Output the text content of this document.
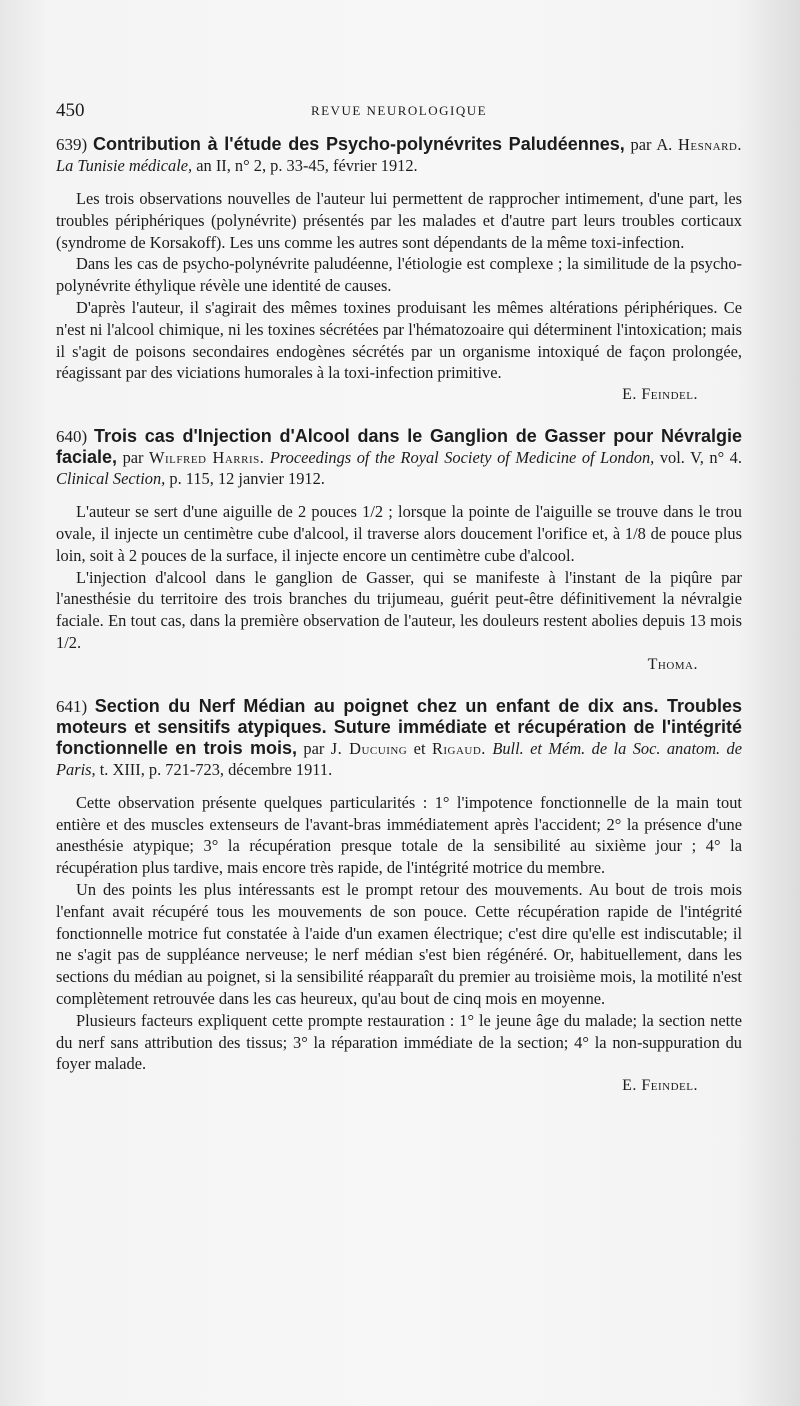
450	REVUE NEUROLOGIQUE

639) Contribution à l'étude des Psycho-polynévrites Paludéennes, par A. Hesnard. La Tunisie médicale, an II, n° 2, p. 33-45, février 1912.

Les trois observations nouvelles de l'auteur lui permettent de rapprocher intimement, d'une part, les troubles périphériques (polynévrite) présentés par les malades et d'autre part leurs troubles corticaux (syndrome de Korsakoff). Les uns comme les autres sont dépendants de la même toxi-infection.

Dans les cas de psycho-polynévrite paludéenne, l'étiologie est complexe ; la similitude de la psycho-polynévrite éthylique révèle une identité de causes.

D'après l'auteur, il s'agirait des mêmes toxines produisant les mêmes altérations périphériques. Ce n'est ni l'alcool chimique, ni les toxines sécrétées par l'hématozoaire qui déterminent l'intoxication; mais il s'agit de poisons secondaires endogènes sécrétés par un organisme intoxiqué de façon prolongée, réagissant par des viciations humorales à la toxi-infection primitive.

E. Feindel.

640) Trois cas d'Injection d'Alcool dans le Ganglion de Gasser pour Névralgie faciale, par Wilfred Harris. Proceedings of the Royal Society of Medicine of London, vol. V, n° 4. Clinical Section, p. 115, 12 janvier 1912.

L'auteur se sert d'une aiguille de 2 pouces 1/2 ; lorsque la pointe de l'aiguille se trouve dans le trou ovale, il injecte un centimètre cube d'alcool, il traverse alors doucement l'orifice et, à 1/8 de pouce plus loin, soit à 2 pouces de la surface, il injecte encore un centimètre cube d'alcool.

L'injection d'alcool dans le ganglion de Gasser, qui se manifeste à l'instant de la piqûre par l'anesthésie du territoire des trois branches du trijumeau, guérit peut-être définitivement la névralgie faciale. En tout cas, dans la première observation de l'auteur, les douleurs restent abolies depuis 13 mois 1/2.

Thoma.

641) Section du Nerf Médian au poignet chez un enfant de dix ans. Troubles moteurs et sensitifs atypiques. Suture immédiate et récupération de l'intégrité fonctionnelle en trois mois, par J. Ducuing et Rigaud. Bull. et Mém. de la Soc. anatom. de Paris, t. XIII, p. 721-723, décembre 1911.

Cette observation présente quelques particularités : 1° l'impotence fonctionnelle de la main tout entière et des muscles extenseurs de l'avant-bras immédiatement après l'accident; 2° la présence d'une anesthésie atypique; 3° la récupération presque totale de la sensibilité au sixième jour ; 4° la récupération plus tardive, mais encore très rapide, de l'intégrité motrice du membre.

Un des points les plus intéressants est le prompt retour des mouvements. Au bout de trois mois l'enfant avait récupéré tous les mouvements de son pouce. Cette récupération rapide de l'intégrité fonctionnelle motrice fut constatée à l'aide d'un examen électrique; c'est dire qu'elle est indiscutable; il ne s'agit pas de suppléance nerveuse; le nerf médian s'est bien régénéré. Or, habituellement, dans les sections du médian au poignet, si la sensibilité réapparaît du premier au troisième mois, la motilité n'est complètement retrouvée dans les cas heureux, qu'au bout de cinq mois en moyenne.

Plusieurs facteurs expliquent cette prompte restauration : 1° le jeune âge du malade; la section nette du nerf sans attribution des tissus; 3° la réparation immédiate de la section; 4° la non-suppuration du foyer malade.

E. Feindel.
